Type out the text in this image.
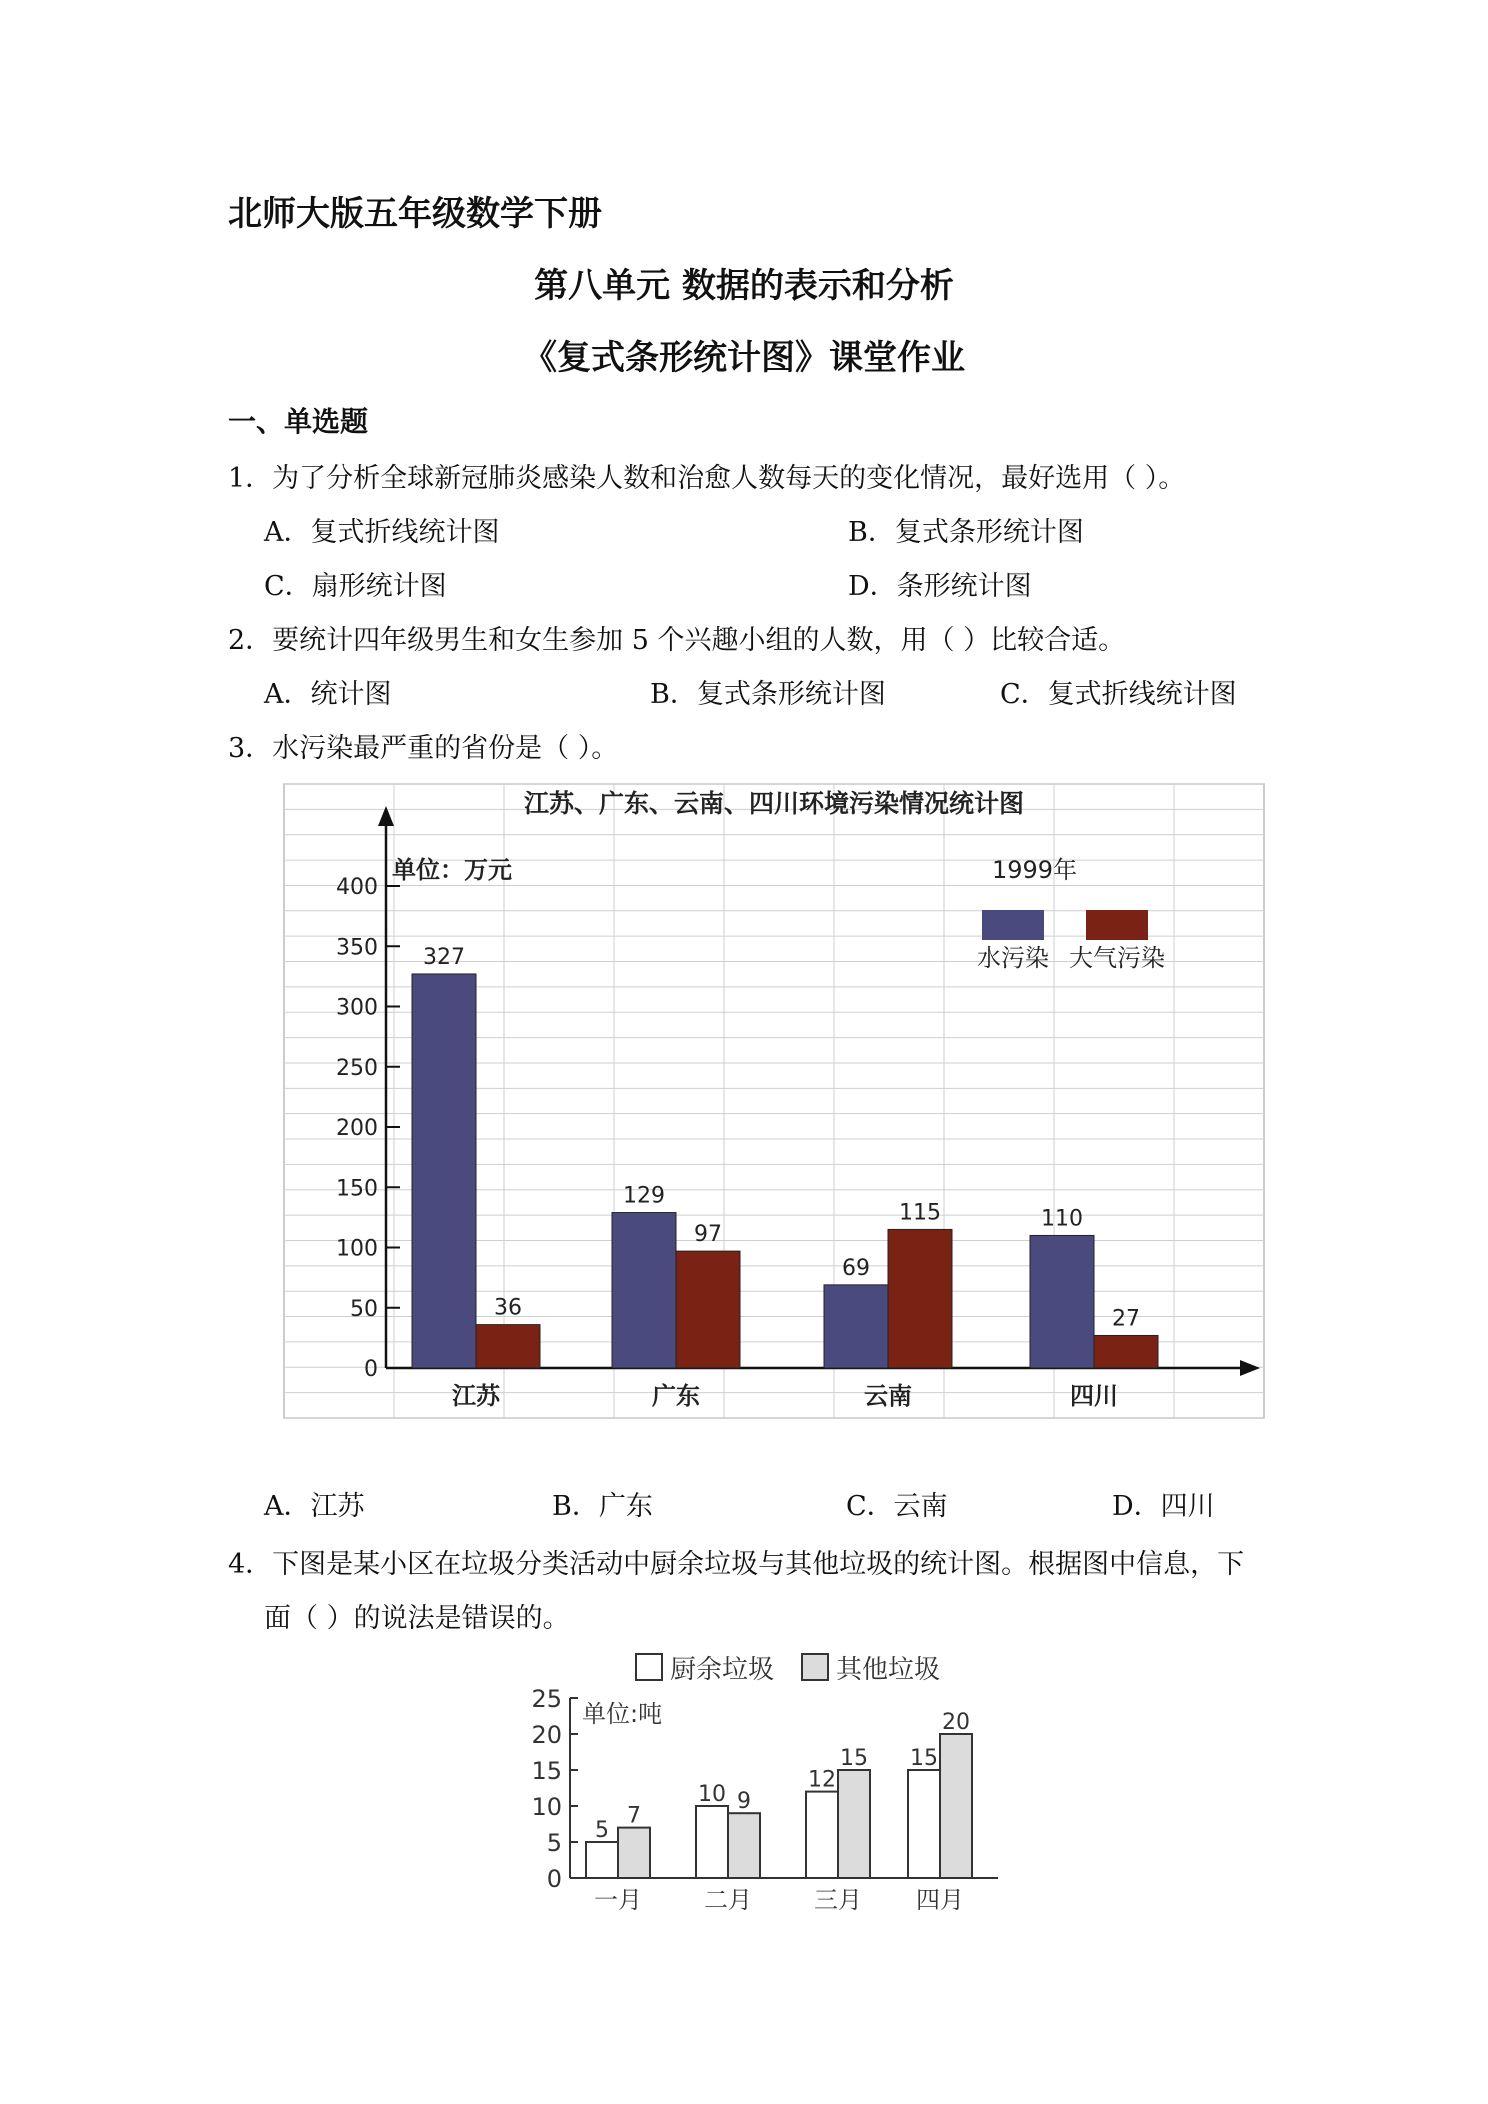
北师大版五年级数学下册
第八单元 数据的表示和分析
《复式条形统计图》课堂作业
一、单选题
1．为了分析全球新冠肺炎感染人数和治愈人数每天的变化情况，最好选用（ ）。
A．复式折线统计图	B．复式条形统计图
C．扇形统计图	D．条形统计图
2．要统计四年级男生和女生参加 5 个兴趣小组的人数，用（ ）比较合适。
A．统计图	B．复式条形统计图	C．复式折线统计图
3．水污染最严重的省份是（ ）。
0
50
100
150
200
250
300
350
400
江苏、广东、云南、四川环境污染情况统计图
单位：万元	1999年
水污染 大气污染
327
36
江苏
129
97
广东
69
115
云南
110
27
四川
A．江苏	B．广东	C．云南	D．四川
4．下图是某小区在垃圾分类活动中厨余垃圾与其他垃圾的统计图。根据图中信息，下
面（ ）的说法是错误的。
厨余垃圾 其他垃圾
单位:吨
0
5
10
15
20
25
5
7
一月
10 9
二月
12
15
三月
15
20
四月
